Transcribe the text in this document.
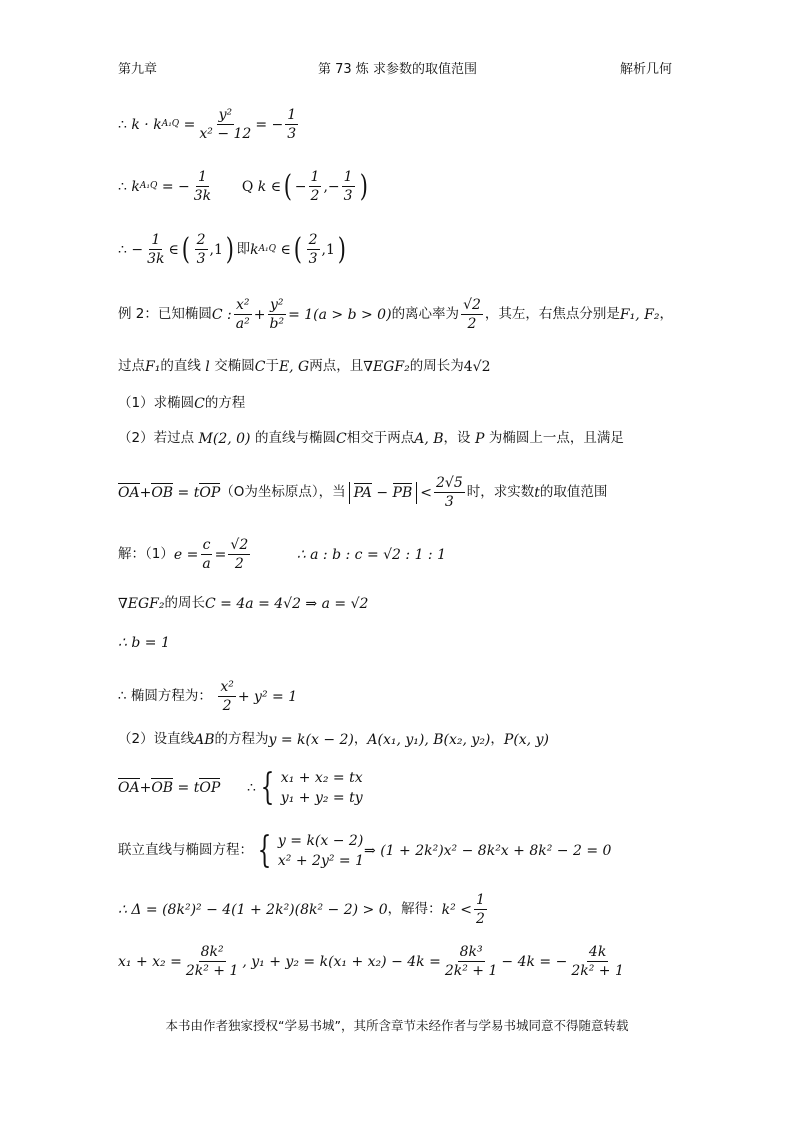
第九章	第 73 炼 求参数的取值范围	解析几何
∴
k · k A₁Q
= $\frac{\text{y²}}{\text{x² − 12}}$ = − $\frac{1}{3}$
∴
k A₁Q
= − $\frac{1}{3k}$
Q
k ∈ ( − $\frac{1}{2}$ ,− $\frac{1}{3}$ )
∴ − $\frac{1}{3k}$ ∈ ( $\frac{2}{3} ,1$ ) 即 k A₁Q
∈ ( $\frac{2}{3} ,1$ )
例 2：已知椭圆 C : $\frac{\text{x²}}{\text{a²}} + \frac{\text{y²}}{\text{b²}} = 1(a > b > 0)$ 的离心率为 $\frac{√2}{2}$ ，其左，右焦点分别是 F₁, F₂ ，
过点 F₁ 的直线
l
交椭圆 C 于 E, G 两点，且 ∇EGF₂ 的周长为 4√2
（1）求椭圆 C 的方程
（2）若过点
M(2, 0)
的直线与椭圆 C 相交于两点 A, B ，设
P
为椭圆上一点，且满足
OA + OB
= t OP （O为坐标原点），当 PA − PB < $\frac{2√5}{3}$ 时，求实数 t 的取值范围
解：（1） $e = \frac{c}{a} = \frac{√2}{2}$
	∴ a : b : c = √2 : 1 : 1
∇EGF₂ 的周长 C = 4a = 4√2 ⇒ a = √2
∴ b = 1
∴ 椭圆方程为：
$\frac{\text{x²}}{2} + y^2 = 1$
（2）设直线 AB 的方程为 y = k(x − 2) ， A(x₁, y₁), B(x₂, y₂) ， P(x, y)
OA + OB
= t OP
∴ { x₁ + x₂ = tx
y₁ + y₂ = ty
联立直线与椭圆方程： { y = k(x − 2)
x² + 2y² = 1
⇒ (1 + 2k²)x² − 8k²x + 8k² − 2 = 0
∴ Δ = (8k²)² − 4(1 + 2k²)(8k² − 2) > 0 ，解得： $k^2 < \frac{1}{2}$
$x_1 + x_2 = \frac{\text{8k²}}{\text{2k² + 1}}$ , $y_1 + y_2 = k(x_1 + x_2) - 4k = \frac{\text{8k³}}{\text{2k² + 1}} - 4k$ = − $\frac{4k}{\text{2k² + 1}}$
本书由作者独家授权“学易书城”，其所含章节未经作者与学易书城同意不得随意转载
